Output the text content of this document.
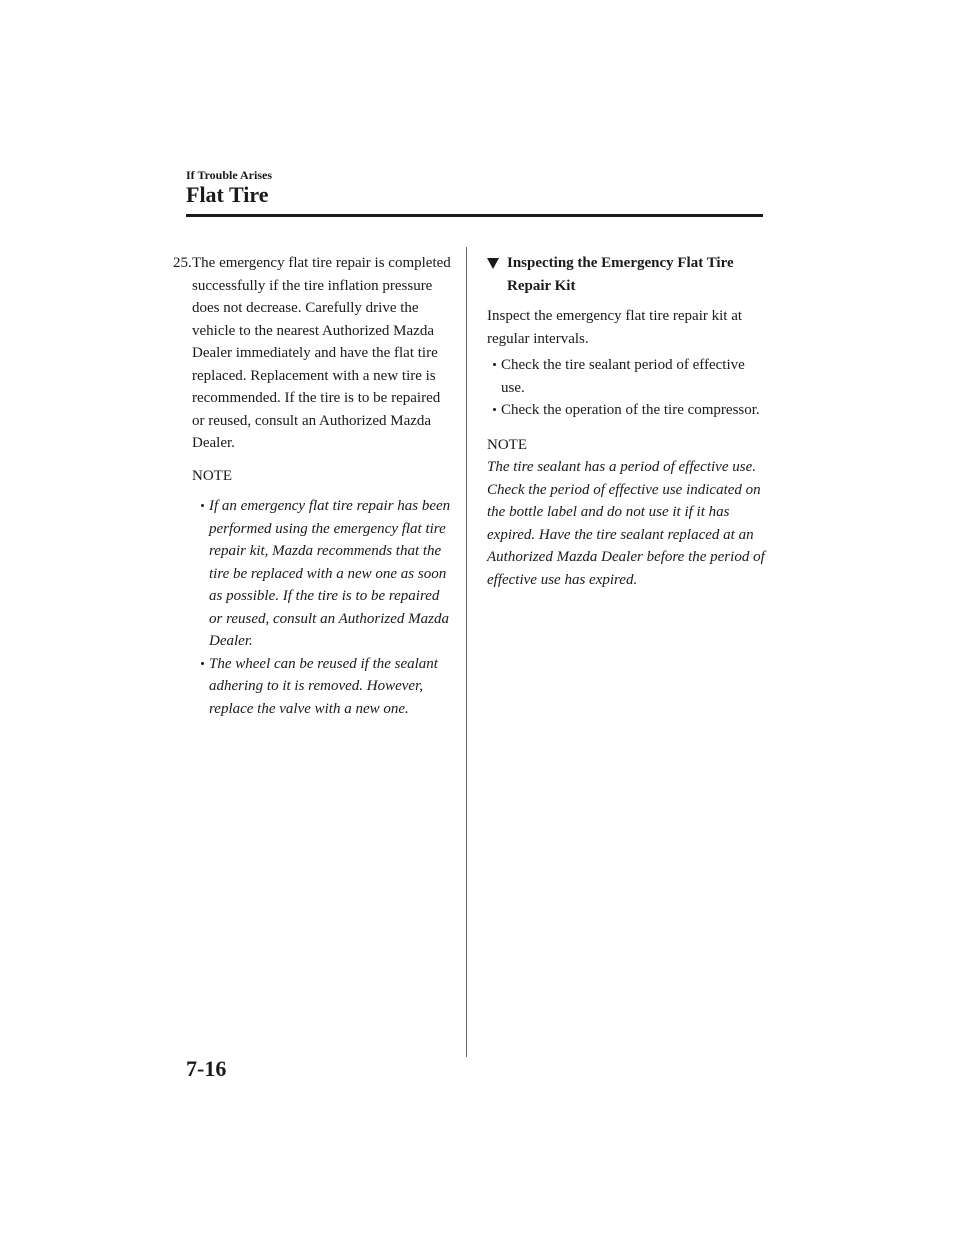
If Trouble Arises
Flat Tire
25. The emergency flat tire repair is completed successfully if the tire inflation pressure does not decrease. Carefully drive the vehicle to the nearest Authorized Mazda Dealer immediately and have the flat tire replaced. Replacement with a new tire is recommended. If the tire is to be repaired or reused, consult an Authorized Mazda Dealer.

NOTE

If an emergency flat tire repair has been performed using the emergency flat tire repair kit, Mazda recommends that the tire be replaced with a new one as soon as possible. If the tire is to be repaired or reused, consult an Authorized Mazda Dealer.
The wheel can be reused if the sealant adhering to it is removed. However, replace the valve with a new one.
Inspecting the Emergency Flat Tire Repair Kit

Inspect the emergency flat tire repair kit at regular intervals.

Check the tire sealant period of effective use.
Check the operation of the tire compressor.

NOTE

The tire sealant has a period of effective use. Check the period of effective use indicated on the bottle label and do not use it if it has expired. Have the tire sealant replaced at an Authorized Mazda Dealer before the period of effective use has expired.

7-16
